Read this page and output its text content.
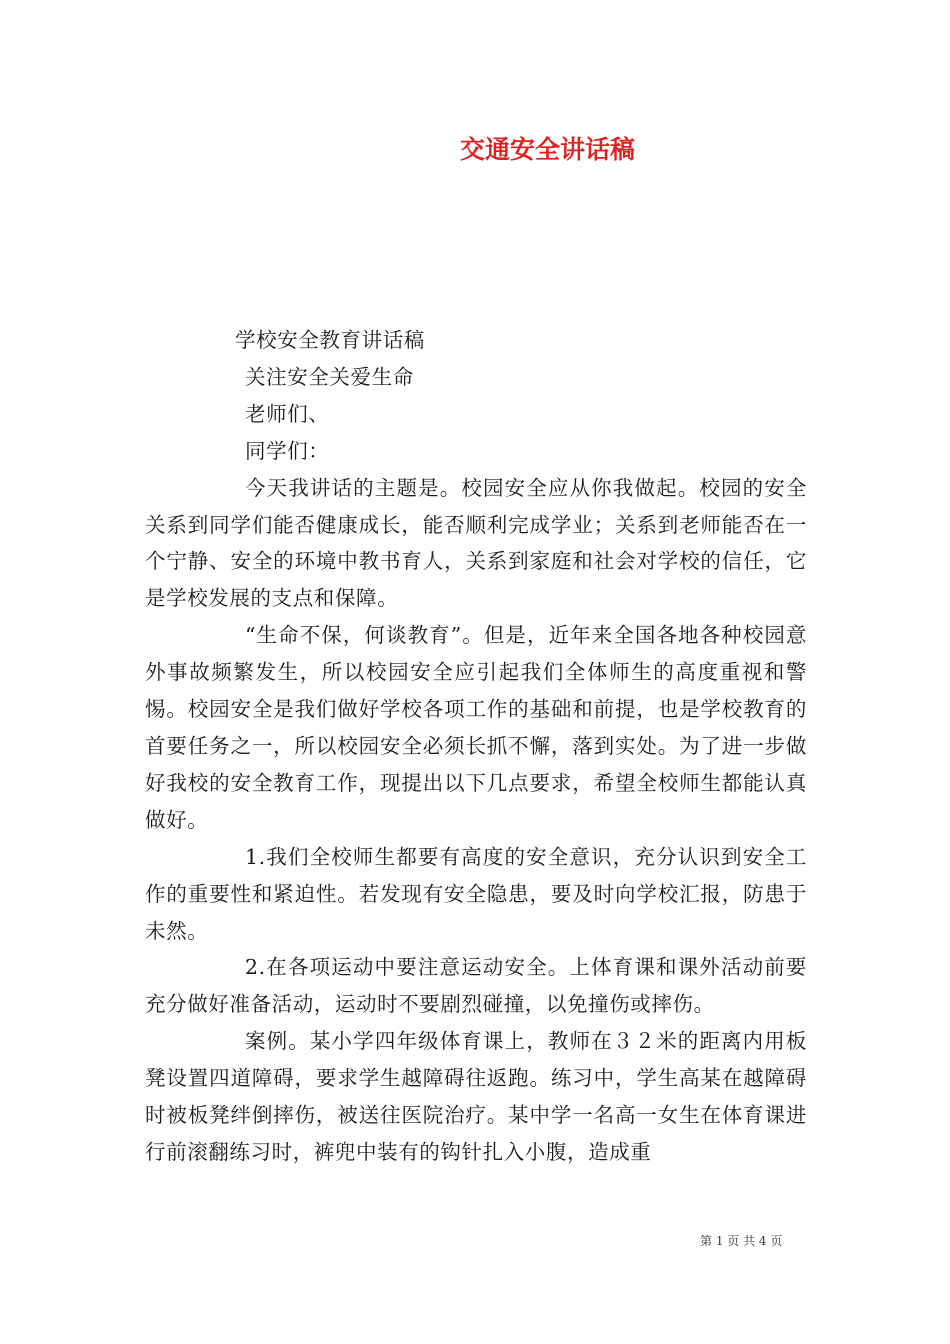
交通安全讲话稿

学校安全教育讲话稿

关注安全关爱生命

老师们、

同学们：

今天我讲话的主题是。校园安全应从你我做起。校园的安全关系到同学们能否健康成长，能否顺利完成学业；关系到老师能否在一个宁静、安全的环境中教书育人，关系到家庭和社会对学校的信任，它是学校发展的支点和保障。

“生命不保，何谈教育”。但是，近年来全国各地各种校园意外事故频繁发生，所以校园安全应引起我们全体师生的高度重视和警惕。校园安全是我们做好学校各项工作的基础和前提，也是学校教育的首要任务之一，所以校园安全必须长抓不懈，落到实处。为了进一步做好我校的安全教育工作，现提出以下几点要求，希望全校师生都能认真做好。

1.我们全校师生都要有高度的安全意识，充分认识到安全工作的重要性和紧迫性。若发现有安全隐患，要及时向学校汇报，防患于未然。

2.在各项运动中要注意运动安全。上体育课和课外活动前要充分做好准备活动，运动时不要剧烈碰撞，以免撞伤或摔伤。

案例。某小学四年级体育课上，教师在３２米的距离内用板凳设置四道障碍，要求学生越障碍往返跑。练习中，学生高某在越障碍时被板凳绊倒摔伤，被送往医院治疗。某中学一名高一女生在体育课进行前滚翻练习时，裤兜中装有的钩针扎入小腹，造成重

第 1 页 共 4 页
